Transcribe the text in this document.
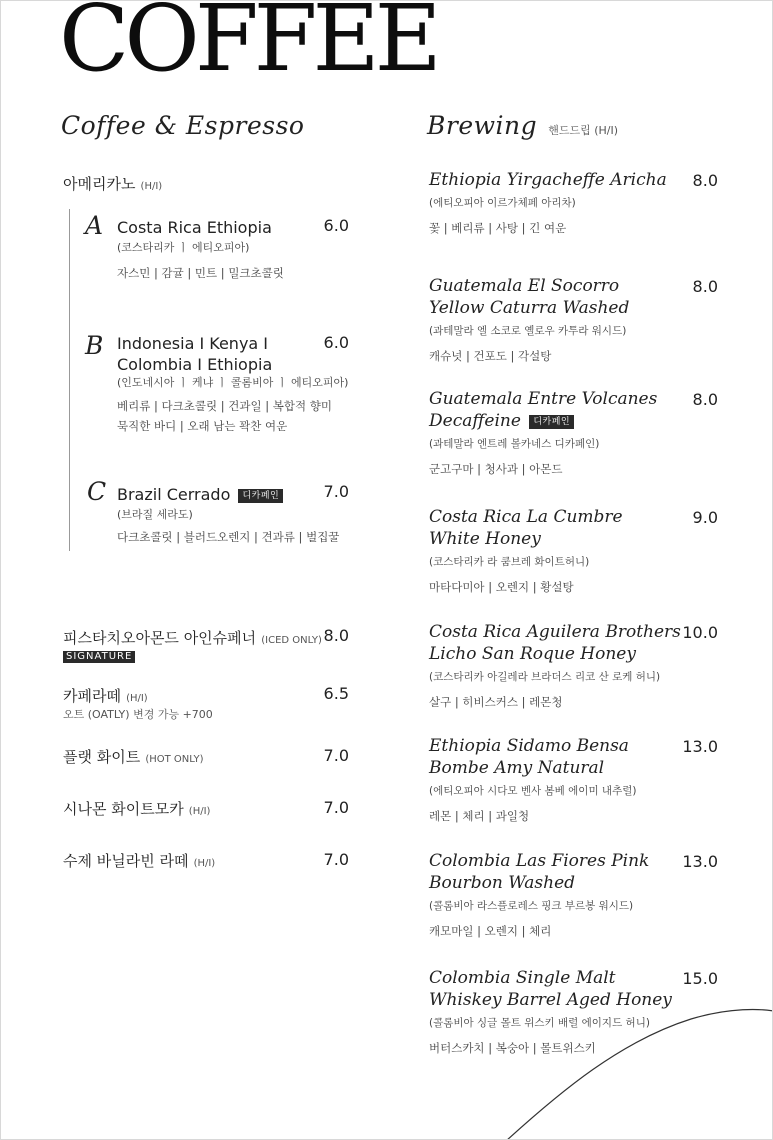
COFFEE
Coffee & Espresso
아메리카노 (H/I)
A Costa Rica Ethiopia	6.0
(코스타리카 ㅣ 에티오피아)
자스민 | 감귤 | 민트 | 밀크초콜릿
B Indonesia I Kenya I
Colombia I Ethiopia
6.0
(인도네시아 ㅣ 케냐 ㅣ 콜롬비아 ㅣ 에티오피아)
베리류 | 다크초콜릿 | 건과일 | 복합적 향미
묵직한 바디 | 오래 남는 꽉찬 여운
C Brazil Cerrado 디카페인	7.0
(브라질 세라도)
다크초콜릿 | 블러드오렌지 | 견과류 | 벌집꿀
피스타치오아몬드 아인슈페너 (ICED ONLY) 8.0
SIGNATURE
카페라떼 (H/I)	6.5
오트 (OATLY) 변경 가능 +700
플랫 화이트 (HOT ONLY)	7.0
시나몬 화이트모카 (H/I)	7.0
수제 바닐라빈 라떼 (H/I)	7.0
Brewing 핸드드립 (H/I)
Ethiopia Yirgacheffe Aricha
(에티오피아 이르가체페 아리차)
꽃 | 베리류 | 사탕 | 긴 여운
8.0
Guatemala El Socorro
Yellow Caturra Washed
(과테말라 엘 소코로 옐로우 카투라 워시드)
캐슈넛 | 건포도 | 각설탕
8.0
Guatemala Entre Volcanes
Decaffeine 디카페인
(과테말라 엔트레 볼카네스 디카페인)
군고구마 | 청사과 | 아몬드
8.0
Costa Rica La Cumbre
White Honey
(코스타리카 라 쿰브레 화이트허니)
마타다미아 | 오렌지 | 황설탕
9.0
Costa Rica Aguilera Brothers
Licho San Roque Honey
(코스타리카 아길레라 브라더스 리코 산 로케 허니)
살구 | 히비스커스 | 레몬청
10.0
Ethiopia Sidamo Bensa
Bombe Amy Natural
(에티오피아 시다모 벤사 봄베 에이미 내추럴)
레몬 | 체리 | 과일청
13.0
Colombia Las Fiores Pink
Bourbon Washed
(콜롬비아 라스플로레스 핑크 부르봉 워시드)
캐모마일 | 오렌지 | 체리
13.0
Colombia Single Malt
Whiskey Barrel Aged Honey
(콜롬비아 싱글 몰트 위스키 배럴 에이지드 허니)
버터스카치 | 복숭아 | 몰트위스키
15.0
